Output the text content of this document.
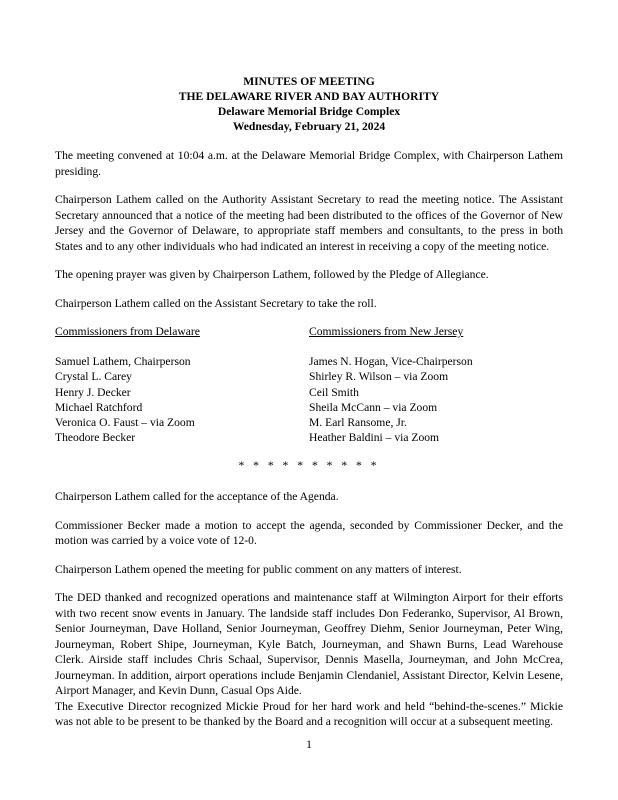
MINUTES OF MEETING
THE DELAWARE RIVER AND BAY AUTHORITY
Delaware Memorial Bridge Complex
Wednesday, February 21, 2024

The meeting convened at 10:04 a.m. at the Delaware Memorial Bridge Complex, with Chairperson Lathem presiding.

Chairperson Lathem called on the Authority Assistant Secretary to read the meeting notice. The Assistant Secretary announced that a notice of the meeting had been distributed to the offices of the Governor of New Jersey and the Governor of Delaware, to appropriate staff members and consultants, to the press in both States and to any other individuals who had indicated an interest in receiving a copy of the meeting notice.

The opening prayer was given by Chairperson Lathem, followed by the Pledge of Allegiance.

Chairperson Lathem called on the Assistant Secretary to take the roll.

Commissioners from Delaware
Samuel Lathem, Chairperson
Crystal L. Carey
Henry J. Decker
Michael Ratchford
Veronica O. Faust – via Zoom
Theodore Becker
Commissioners from New Jersey
James N. Hogan, Vice-Chairperson
Shirley R. Wilson – via Zoom
Ceil Smith
Sheila McCann – via Zoom
M. Earl Ransome, Jr.
Heather Baldini – via Zoom
* * * * * * * * * *

Chairperson Lathem called for the acceptance of the Agenda.

Commissioner Becker made a motion to accept the agenda, seconded by Commissioner Decker, and the motion was carried by a voice vote of 12-0.

Chairperson Lathem opened the meeting for public comment on any matters of interest.

The DED thanked and recognized operations and maintenance staff at Wilmington Airport for their efforts with two recent snow events in January. The landside staff includes Don Federanko, Supervisor, Al Brown, Senior Journeyman, Dave Holland, Senior Journeyman, Geoffrey Diehm, Senior Journeyman, Peter Wing, Journeyman, Robert Shipe, Journeyman, Kyle Batch, Journeyman, and Shawn Burns, Lead Warehouse Clerk. Airside staff includes Chris Schaal, Supervisor, Dennis Masella, Journeyman, and John McCrea, Journeyman. In addition, airport operations include Benjamin Clendaniel, Assistant Director, Kelvin Lesene, Airport Manager, and Kevin Dunn, Casual Ops Aide.

The Executive Director recognized Mickie Proud for her hard work and held “behind-the-scenes.” Mickie was not able to be present to be thanked by the Board and a recognition will occur at a subsequent meeting.

1
